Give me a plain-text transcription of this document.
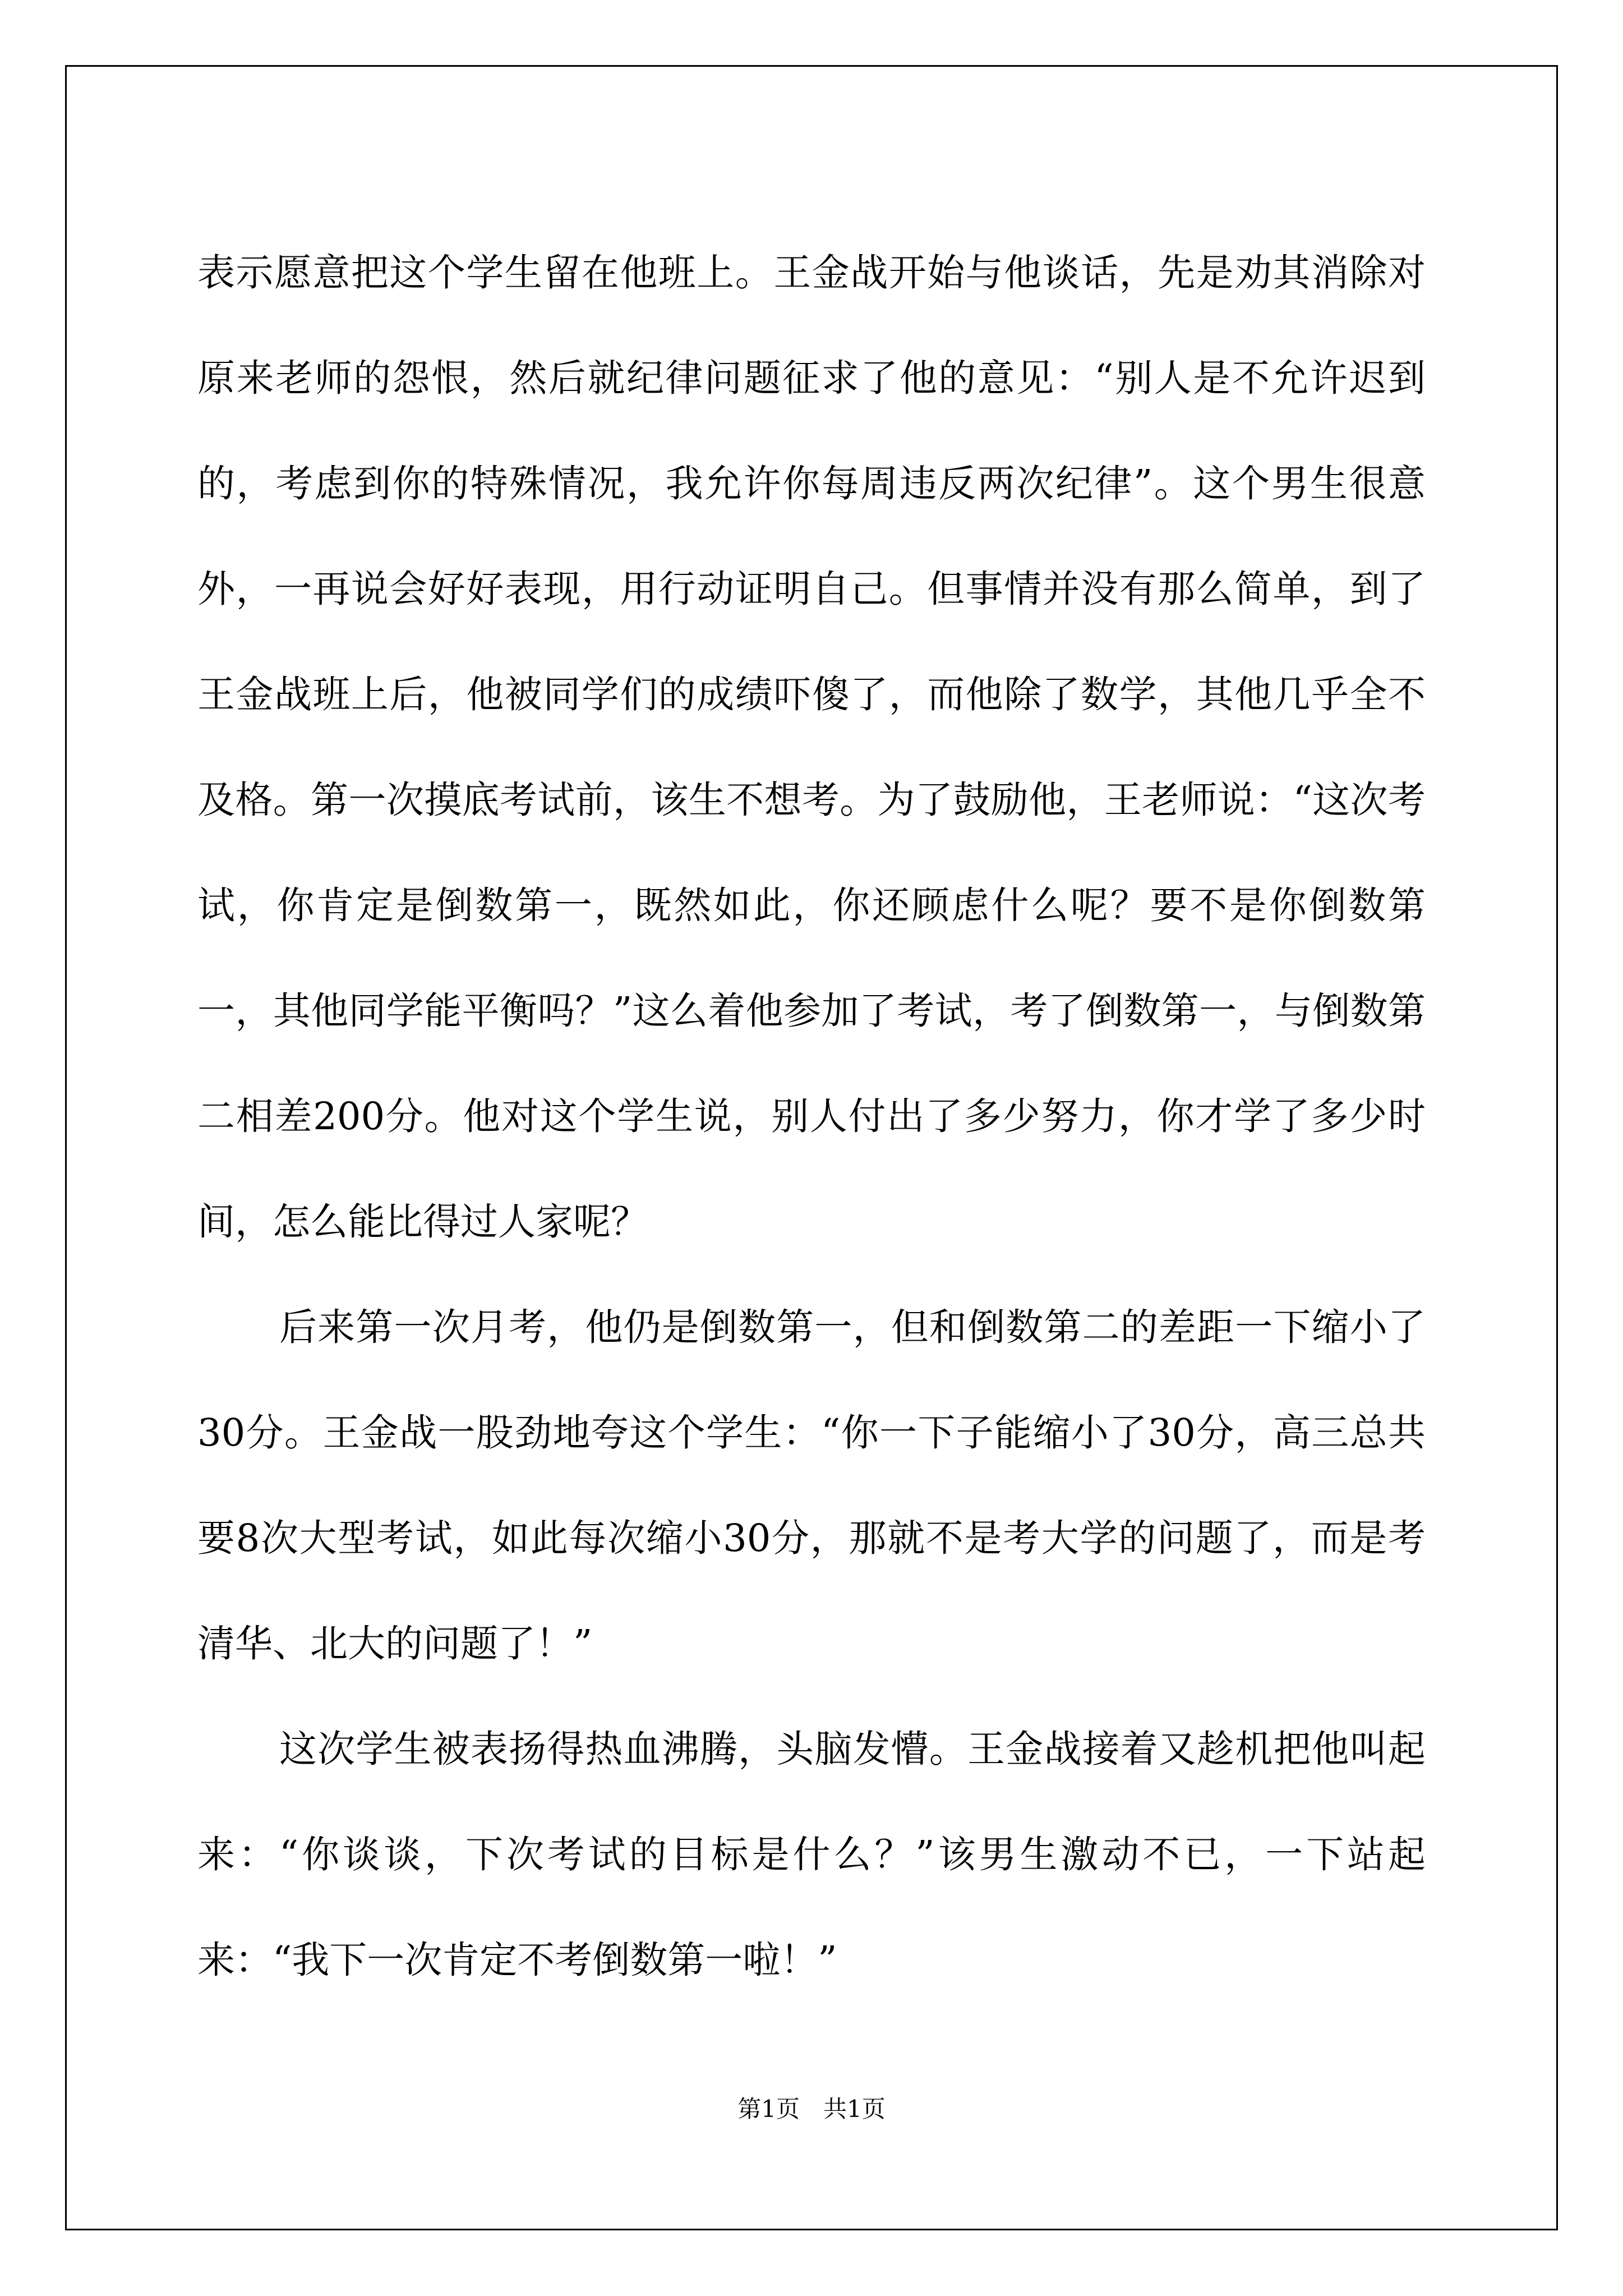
表示愿意把这个学生留在他班上。王金战开始与他谈话，先是劝其消除对原来老师的怨恨，然后就纪律问题征求了他的意见：“别人是不允许迟到的，考虑到你的特殊情况，我允许你每周违反两次纪律”。这个男生很意外，一再说会好好表现，用行动证明自己。但事情并没有那么简单，到了王金战班上后，他被同学们的成绩吓傻了，而他除了数学，其他几乎全不及格。第一次摸底考试前，该生不想考。为了鼓励他，王老师说：“这次考试，你肯定是倒数第一，既然如此，你还顾虑什么呢？要不是你倒数第一，其他同学能平衡吗？”这么着他参加了考试，考了倒数第一，与倒数第二相差200分。他对这个学生说，别人付出了多少努力，你才学了多少时间，怎么能比得过人家呢？

后来第一次月考，他仍是倒数第一，但和倒数第二的差距一下缩小了30分。王金战一股劲地夸这个学生：“你一下子能缩小了30分，高三总共要8次大型考试，如此每次缩小30分，那就不是考大学的问题了，而是考清华、北大的问题了！”

这次学生被表扬得热血沸腾，头脑发懵。王金战接着又趁机把他叫起来：“你谈谈，下次考试的目标是什么？”该男生激动不已，一下站起来：“我下一次肯定不考倒数第一啦！”

第1页 共1页
